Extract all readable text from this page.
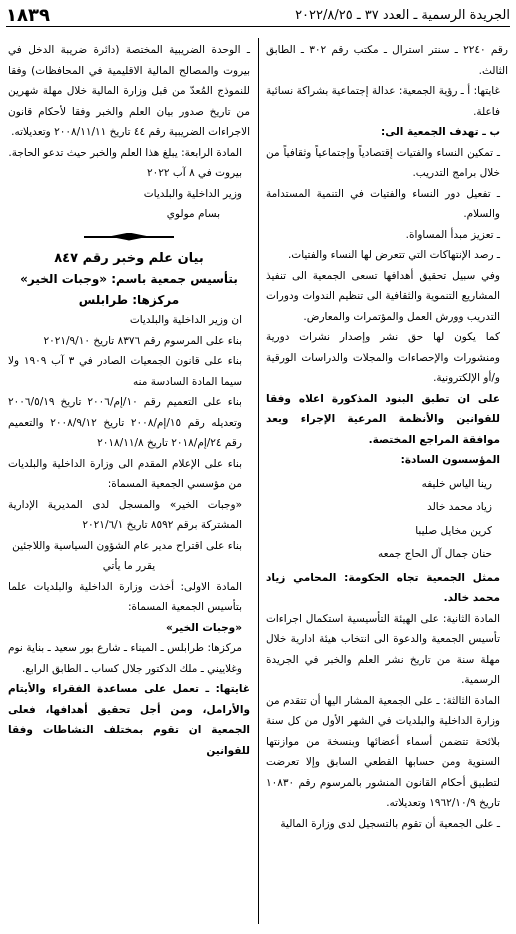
الجريدة الرسمية ـ العدد ٣٧ ـ ٢٠٢٢/٨/٢٥
١٨٣٩

رقم ٢٢٤٠ ـ سنتر استرال ـ مكتب رقم ٣٠٢ ـ الطابق الثالث.

غايتها: أ ـ رؤية الجمعية: عدالة إجتماعية بشراكة نسائية فاعلة.

ب ـ تهدف الجمعية الى:

ـ تمكين النساء والفتيات إقتصادياً وإجتماعياً وثقافياً من خلال برامج التدريب.

ـ تفعيل دور النساء والفتيات في التنمية المستدامة والسلام.

ـ تعزيز مبدأ المساواة.

ـ رصد الإنتهاكات التي تتعرض لها النساء والفتيات.

وفي سبيل تحقيق أهدافها تسعى الجمعية الى تنفيذ المشاريع التنموية والثقافية الى تنظيم الندوات ودورات التدريب وورش العمل والمؤتمرات والمعارض.

كما يكون لها حق نشر وإصدار نشرات دورية ومنشورات والإحصاءات والمجلات والدراسات الورقية و/أو الإلكترونية.

على ان تطبق البنود المذكورة اعلاه وفقا للقوانين والأنظمة المرعية الإجراء وبعد موافقة المراجع المختصة.

المؤسسون السادة:

رينا الياس خليفه

زياد محمد خالد

كرين مخايل صليبا

حنان جمال آل الحاج جمعه

ممثل الجمعية تجاه الحكومة: المحامي زياد محمد خالد.

المادة الثانية: على الهيئة التأسيسية استكمال اجراءات تأسيس الجمعية والدعوة الى انتخاب هيئة ادارية خلال مهلة سنة من تاريخ نشر العلم والخبر في الجريدة الرسمية.

المادة الثالثة: ـ على الجمعية المشار اليها أن تتقدم من وزارة الداخلية والبلديات في الشهر الأول من كل سنة بلائحة تتضمن أسماء أعضائها وبنسخة من موازنتها السنوية ومن حسابها القطعي السابق وإلا تعرضت لتطبيق أحكام القانون المنشور بالمرسوم رقم ١٠٨٣٠ تاريخ ١٩٦٢/١٠/٩ وتعديلاته.

ـ على الجمعية أن تقوم بالتسجيل لدى وزارة المالية

ـ الوحدة الضريبية المختصة (دائرة ضريبة الدخل في بيروت والمصالح المالية الاقليمية في المحافظات) وفقا للنموذج المُعدّ من قبل وزارة المالية خلال مهلة شهرين من تاريخ صدور بيان العلم والخبر وفقا لأحكام قانون الاجراءات الضريبية رقم ٤٤ تاريخ ٢٠٠٨/١١/١١ وتعديلاته.

المادة الرابعة: يبلغ هذا العلم والخبر حيث تدعو الحاجة.

بيروت في ٨ آب ٢٠٢٢

وزير الداخلية والبلديات

بسام مولوي

بيان علم وخبر رقم ٨٤٧

بتأسيس جمعية باسم: «وجبات الخير»

مركزها: طرابلس

ان وزير الداخلية والبلديات

بناء على المرسوم رقم ٨٣٧٦ تاريخ ٢٠٢١/٩/١٠

بناء على قانون الجمعيات الصادر في ٣ آب ١٩٠٩ ولا سيما المادة السادسة منه

بناء على التعميم رقم ١٠/إم/٢٠٠٦ تاريخ ٢٠٠٦/٥/١٩ وتعديله رقم ١٥/إم/٢٠٠٨ تاريخ ٢٠٠٨/٩/١٢ والتعميم رقم ٢٤/إم/٢٠١٨ تاريخ ٢٠١٨/١١/٨

بناء على الإعلام المقدم الى وزارة الداخلية والبلديات من مؤسسي الجمعية المسماة:

«وجبات الخير» والمسجل لدى المديرية الإدارية المشتركة برقم ٨٥٩٢ تاريخ ٢٠٢١/٦/١

بناء على اقتراح مدير عام الشؤون السياسية واللاجئين

يقرر ما يأتي

المادة الاولى: أخذت وزارة الداخلية والبلديات علما بتأسيس الجمعية المسماة:

«وجبات الخير»

مركزها: طرابلس ـ الميناء ـ شارع بور سعيد ـ بناية نوم وغلاييني ـ ملك الدكتور جلال كساب ـ الطابق الرابع.

غايتها: ـ تعمل على مساعدة الفقراء والأيتام والأرامل، ومن أجل تحقيق أهدافها، فعلى الجمعية ان تقوم بمختلف النشاطات وفقا للقوانين
